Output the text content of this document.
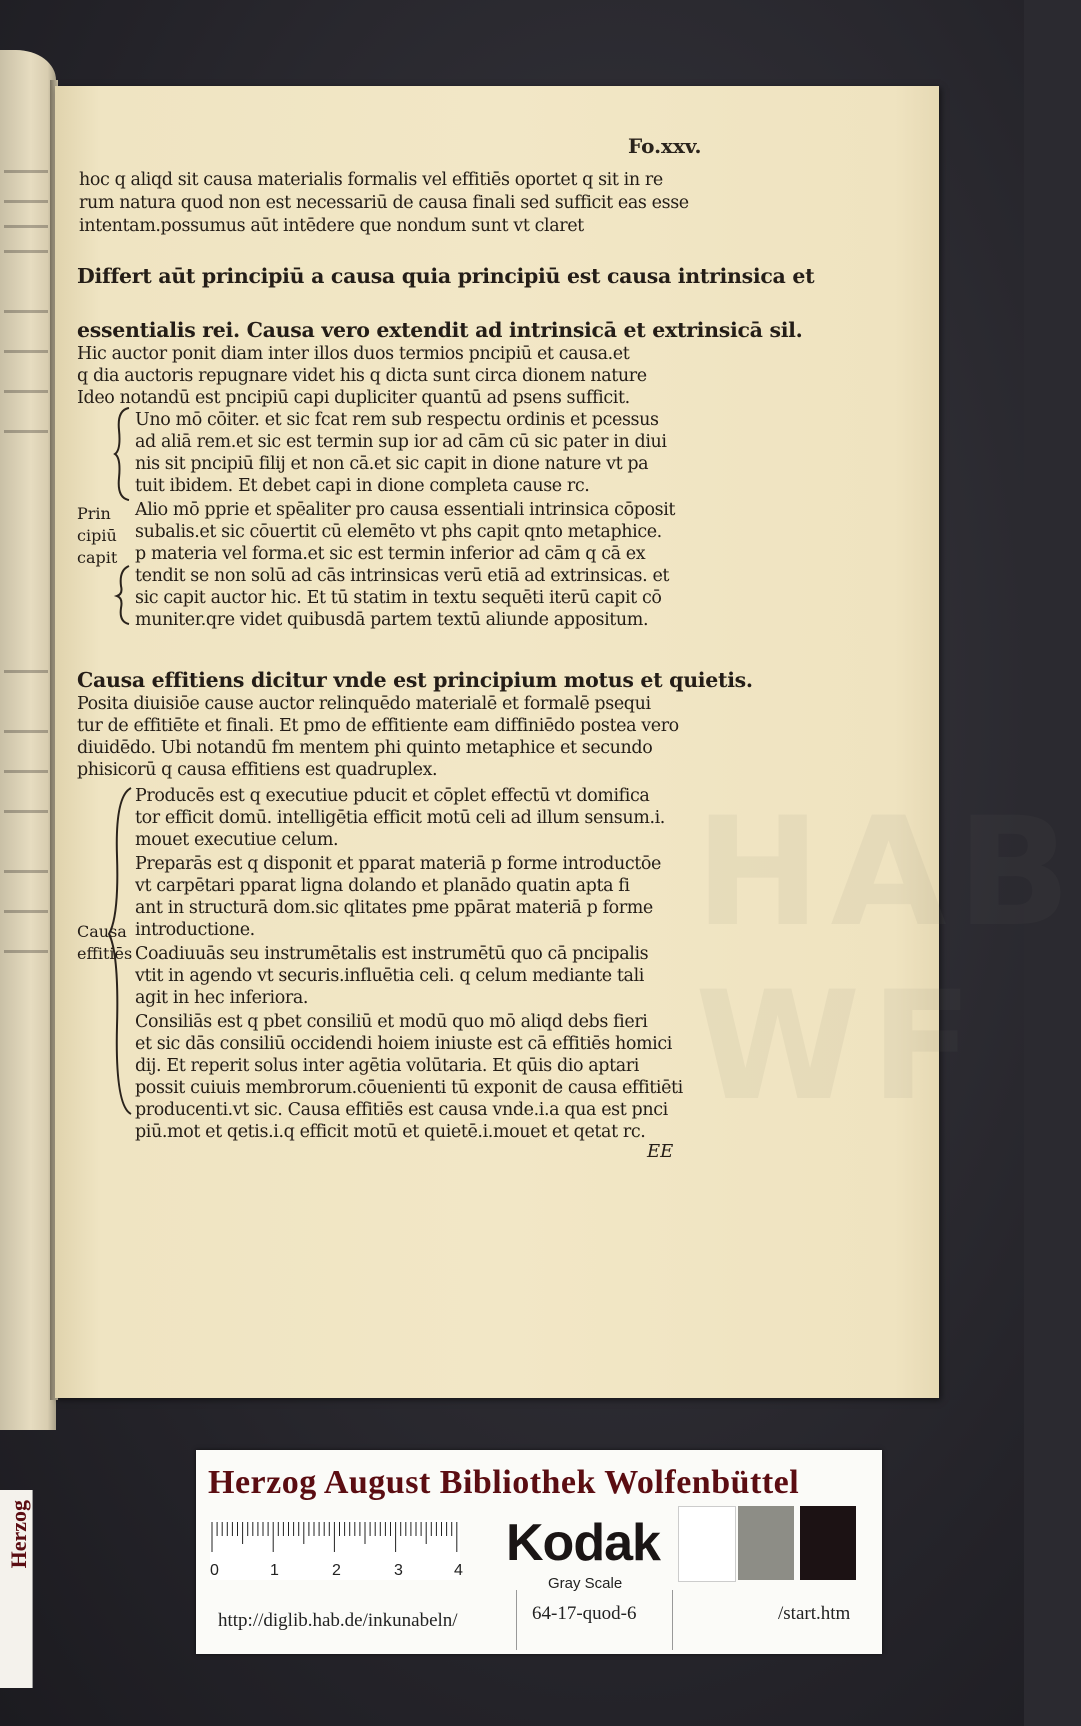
HAB WF
Fo.xxv.
hoc q aliqd sit causa materialis formalis vel effitiēs oportet q sit in re
rum natura quod non est necessariū de causa finali sed sufficit eas esse
intentam.possumus aūt intēdere que nondum sunt vt claret
Differt aūt principiū a causa quia principiū est causa intrinsica et
essentialis rei. Causa vero extendit ad intrinsicā et extrinsicā sil.
Hic auctor ponit diam inter illos duos termios pncipiū et causa.et
q dia auctoris repugnare videt his q dicta sunt circa dionem nature
Ideo notandū est pncipiū capi dupliciter quantū ad psens sufficit.
Uno mō cōiter. et sic fcat rem sub respectu ordinis et pcessus
ad aliā rem.et sic est termin sup ior ad cām cū sic pater in diui
nis sit pncipiū filij et non cā.et sic capit in dione nature vt pa
tuit ibidem. Et debet capi in dione completa cause rc.
Prin
cipiū
capit
Alio mō pprie et spēaliter pro causa essentiali intrinsica cōposit
subalis.et sic cōuertit cū elemēto vt phs capit qnto metaphice.
p materia vel forma.et sic est termin inferior ad cām q cā ex
tendit se non solū ad cās intrinsicas verū etiā ad extrinsicas. et
sic capit auctor hic. Et tū statim in textu sequēti iterū capit cō
muniter.qre videt quibusdā partem textū aliunde appositum.
Causa effitiens dicitur vnde est principium motus et quietis.
Posita diuisiōe cause auctor relinquēdo materialē et formalē psequi
tur de effitiēte et finali. Et pmo de effitiente eam diffiniēdo postea vero
diuidēdo. Ubi notandū fm mentem phi quinto metaphice et secundo
phisicorū q causa effitiens est quadruplex.
Producēs est q executiue pducit et cōplet effectū vt domifica
tor efficit domū. intelligētia efficit motū celi ad illum sensum.i.
mouet executiue celum.
Preparās est q disponit et pparat materiā p forme introductōe
vt carpētari pparat ligna dolando et planādo quatin apta fi
ant in structurā dom.sic qlitates pme ppārat materiā p forme
Causa introductione.
effitiēs Coadiuuās seu instrumētalis est instrumētū quo cā pncipalis
vtit in agendo vt securis.influētia celi. q celum mediante tali
agit in hec inferiora.
Consiliās est q pbet consiliū et modū quo mō aliqd debs fieri
et sic dās consiliū occidendi hoiem iniuste est cā effitiēs homici
dij. Et reperit solus inter agētia volūtaria. Et qūis dio aptari
possit cuiuis membrorum.cōuenienti tū exponit de causa effitiēti
producenti.vt sic. Causa effitiēs est causa vnde.i.a qua est pnci
piū.mot et qetis.i.q efficit motū et quietē.i.mouet et qetat rc.
EE
Herzog
Herzog August Bibliothek Wolfenbüttel
0	1	2	3	4 Kodak
Gray Scale
http://diglib.hab.de/inkunabeln/	64-17-quod-6	/start.htm
